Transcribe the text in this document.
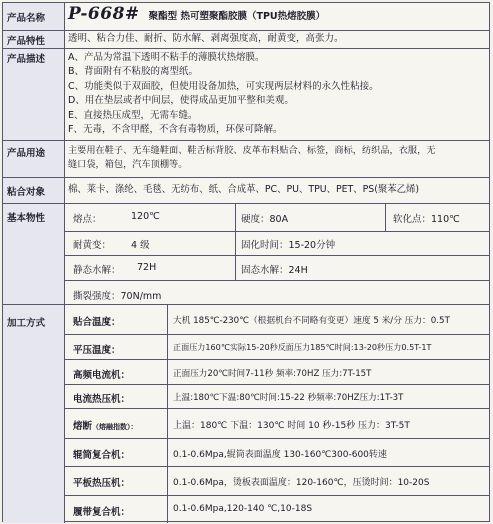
产品名称	P-668# 聚酯型 热可塑聚酯胶膜（TPU热熔胶膜）
产品特性	透明、粘合力佳、耐折、防水解、剥离强度高，耐黄变，高张力。
产品描述	A、产品为常温下透明不粘手的薄膜状热熔膜。
B、背面附有不粘胶的离型纸。
C、功能类似于双面胶，但使用设备加热，可实现两层材料的永久性粘接。
D、用在垫层或者中间层，使得成品更加平整和美观。
E、直接热压成型，无需车缝。
F、无毒，不含甲醛，不含有毒物质，环保可降解。
产品用途	主要用在鞋子、无车缝鞋面、鞋舌标背胶、皮革布料贴合、标签，商标，纺织品，衣服，无
缝口袋，箱包，汽车顶棚等。
粘合对象	棉、莱卡、涤纶、毛毯、无纺布、纸、合成革、PC、PU、TPU、PET、PS(聚苯乙烯)
基本物性	熔点：	120℃	硬度：80A	软化点：110℃
耐黄变： 4 级	固化时间：15-20分钟
静态水解： 72H	固态水解：24H
撕裂强度：70N/mm
加工方式	贴合温度：	大机 185℃-230℃（根据机台不同略有变更）速度 5 米/分 压力：0.5T
平压温度：	正面压力160℃实际15-20秒反面压力185℃时间:13-20秒压力0.5T-1T
高频电流机：	正面压力20℃时间7-11秒 频率:70HZ 压力:7T-15T
电流热压机：	上温:180℃下温:80℃时间:15-22 秒频率:70HZ压力:1T-3T
熔断（熔融指数）：	上温：180℃ 下温：130℃ 时间 10 秒-15秒 压力：3T-5T
辊筒复合机：	0.1-0.6Mpa,辊筒表面温度 130-160℃300-600转速
平板热压机：	0.1-0.6Mpa，烫板表面温度：120-160℃，压烫时间：10-20S
履带复合机：	0.1-0.6Mpa,120-140 ℃,10-18S
